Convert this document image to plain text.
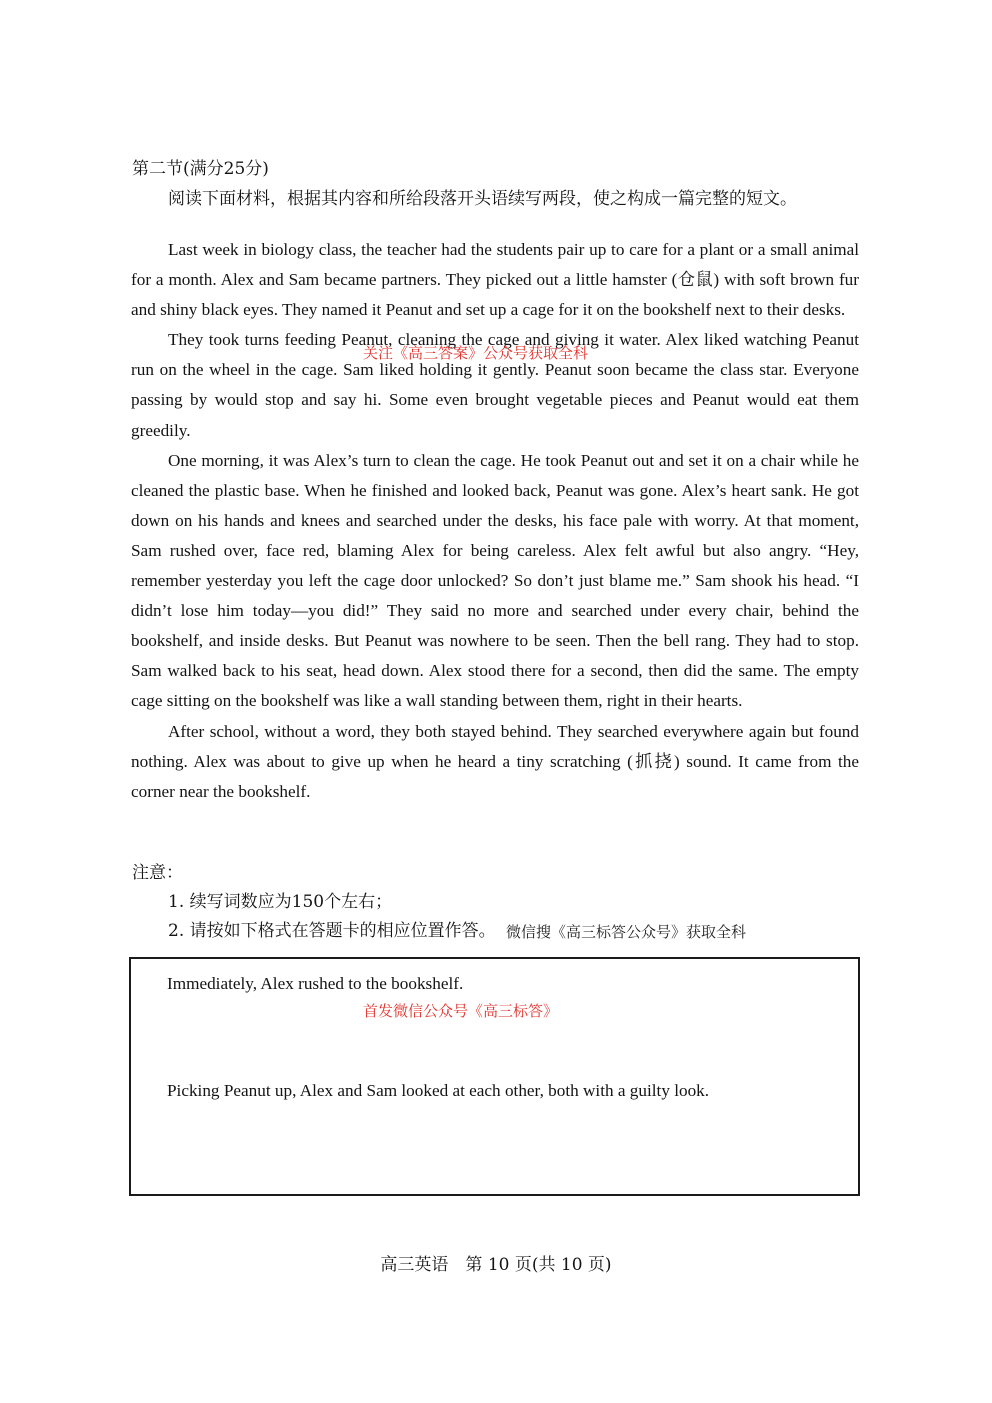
第二节(满分25分)
阅读下面材料，根据其内容和所给段落开头语续写两段，使之构成一篇完整的短文。

Last week in biology class, the teacher had the students pair up to care for a plant or a small animal for a month. Alex and Sam became partners. They picked out a little hamster (仓鼠) with soft brown fur and shiny black eyes. They named it Peanut and set up a cage for it on the bookshelf next to their desks.

They took turns feeding Peanut, cleaning the cage and giving it water. Alex liked watching Peanut run on the wheel in the cage. Sam liked holding it gently. Peanut soon became the class star. Everyone passing by would stop and say hi. Some even brought vegetable pieces and Peanut would eat them greedily.

One morning, it was Alex’s turn to clean the cage. He took Peanut out and set it on a chair while he cleaned the plastic base. When he finished and looked back, Peanut was gone. Alex’s heart sank. He got down on his hands and knees and searched under the desks, his face pale with worry. At that moment, Sam rushed over, face red, blaming Alex for being careless. Alex felt awful but also angry. “Hey, remember yesterday you left the cage door unlocked? So don’t just blame me.” Sam shook his head. “I didn’t lose him today—you did!” They said no more and searched under every chair, behind the bookshelf, and inside desks. But Peanut was nowhere to be seen. Then the bell rang. They had to stop. Sam walked back to his seat, head down. Alex stood there for a second, then did the same. The empty cage sitting on the bookshelf was like a wall standing between them, right in their hearts.

After school, without a word, they both stayed behind. They searched everywhere again but found nothing. Alex was about to give up when he heard a tiny scratching (抓挠) sound. It came from the corner near the bookshelf.

关注《高三答案》公众号获取全科
注意：
1. 续写词数应为150个左右；
2. 请按如下格式在答题卡的相应位置作答。 微信搜《高三标答公众号》获取全科
Immediately, Alex rushed to the bookshelf.
首发微信公众号《高三标答》
Picking Peanut up, Alex and Sam looked at each other, both with a guilty look.
高三英语　第 10 页(共 10 页)
